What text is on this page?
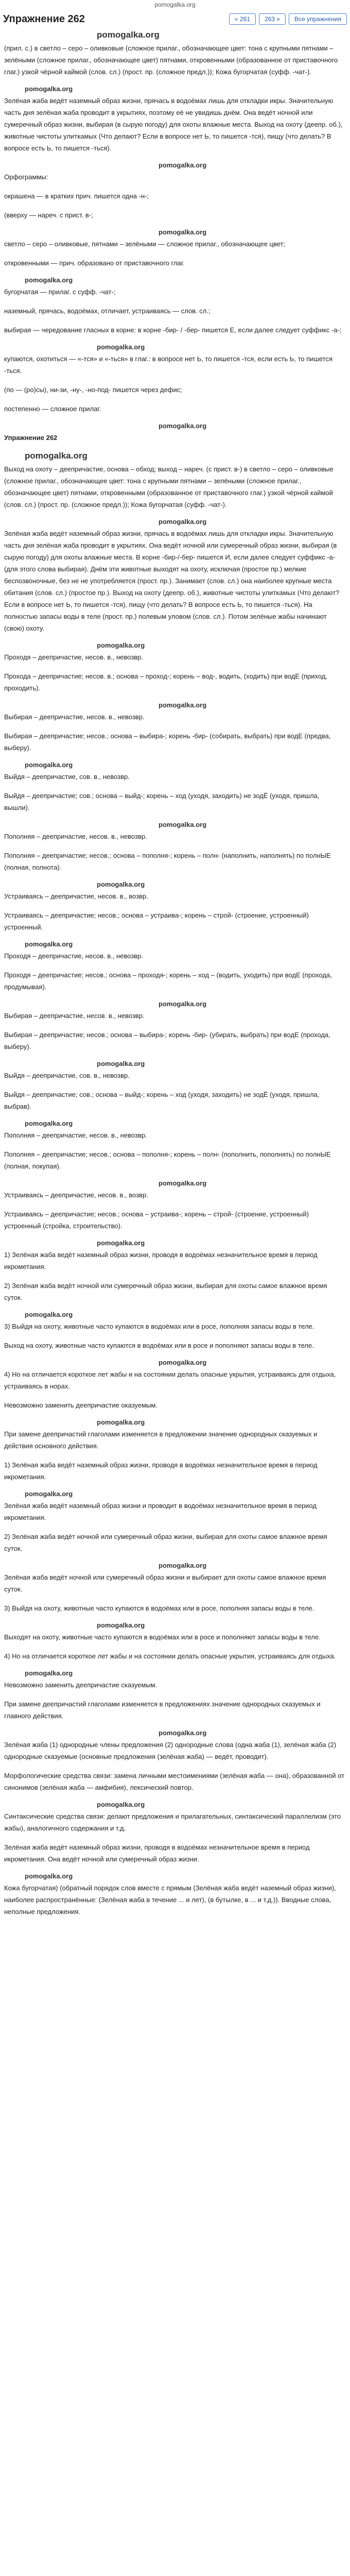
pomogalka.org
Упражнение 262	« 261	263 »	Все упражнения
pomogalka.org

(прил. с.) в светло – серо – оливковые (сложное прилаг., обозначающее цвет: тона с крупными пятнами – зелёными (сложное прилаг., обозначающее цвет) пятнами, откровенными (образованное от приставочного глаг.) узкой чёрной каймой (слов. сл.) (прост. пр. (сложное предл.)); Кожа бугорчатая (суфф. -чат-).

pomogalka.org

Зелёная жаба ведёт наземный образ жизни, прячась в водоёмах лишь для откладки икры. Значительную часть дня зелёная жаба проводит в укрытиях, поэтому её не увидишь днём. Она ведёт ночной или сумеречный образ жизни, выбирая (в сырую погоду) для охоты влажные места. Выход на охоту (деепр. об.), животные чистоты улиткамых (Что делают? Если в вопросе нет Ь, то пишется -тся), пищу (что делать? В вопросе есть Ь, то пишется -ться).

pomogalka.org

Орфограммы:

окрашена — в кратких прич. пишется одна -н-;

(вверху — нареч. с прист. в-;

pomogalka.org

светло – серо – оливковые, пятнами – зелёными — сложное прилаг., обозначающее цвет;

откровенными — прич. образовано от приставочного глаг.

pomogalka.org

бугорчатая — прилаг. с суфф. -чат-;

наземный, прячась, водоёмах, отличает, устраиваясь — слов. сл.;

выбирая — чередование гласных в корне: в корне -бир- / -бер- пишется Е, если далее следует суффикс -а-;

pomogalka.org

купаются, охотиться — «-тся» и «-ться» в глаг.: в вопросе нет Ь, то пишется -тся, если есть Ь, то пишется -ться.

(по — (ро)сы), ни-зи, -ну-, -но-под- пишется через дефис;

постепенно — сложное прилаг.

pomogalka.org

Упражнение 262

pomogalka.org

Выход на охоту – деепричастие, основа – обход; выход – нареч. (с прист. в-) в светло – серо – оливковые (сложное прилаг., обозначающее цвет: тона с крупными пятнами – зелёными (сложное прилаг., обозначающее цвет) пятнами, откровенными (образованное от приставочного глаг.) узкой чёрной каймой (слов. сл.) (прост. пр. (сложное предл.)); Кожа бугорчатая (суфф. -чат-).

pomogalka.org

Зелёная жаба ведёт наземный образ жизни, прячась в водоёмах лишь для откладки икры. Значительную часть дня зелёная жаба проводит в укрытиях. Она ведёт ночной или сумеречный образ жизни, выбирая (в сырую погоду) для охоты влажные места. В корне -бир-/-бер- пишется И, если далее следует суффикс -а- (для этого слова выбирая). Днём эти животные выходят на охоту, исключая (простое пр.) мелкие беспозвоночные, без не не употребляется (прост. пр.). Занимает (слов. сл.) она наиболее крупные места обитания (слов. сл.) (простое пр.). Выход на охоту (деепр. об.), животные чистоты улиткамых (Что делают? Если в вопросе нет Ь, то пишется -тся), пищу (что делать? В вопросе есть Ь, то пишется -ться). На полностью запасы воды в теле (прост. пр.) полевым уловом (слов. сл.). Потом зелёные жабы начинают (свою) охоту.

pomogalka.org

Проходя – деепричастие, несов. в., невозвр.

Прохода – деепричастие; несов. в.; основа – проход-; корень – вод-, водить, (ходить) при водЕ (приход, проходить).

pomogalka.org

Выбирая – деепричастие, несов. в., невозвр.

Выбирая – деепричастие; несов.; основа – выбира-; корень -бир- (собирать, выбрать) при водЕ (предва, выберу).

pomogalka.org

Выйдя – деепричастие, сов. в., невозвр.

Выйдя – деепричастие; сов.; основа – выйд-; корень – ход (уходя, заходить) не зодЁ (уходя, пришла, вышли).

pomogalka.org

Пополняя – деепричастие, несов. в., невозвр.

Пополняя – деепричастие; несов.; основа – пополня-; корень – полн- (наполнить, наполнять) по полнЫЕ (полная, полнота).

pomogalka.org

Устраиваясь – деепричастие, несов. в., возвр.

Устраиваясь – деепричастие; несов.; основа – устраива-; корень – строй- (строение, устроенный) устроенный.

pomogalka.org

Проходя – деепричастие, несов. в., невозвр.

Проходя – деепричастие; несов.; основа – проходя-; корень – ход – (водить, уходить) при водЕ (прохода, продумывая).

pomogalka.org

Выбирая – деепричастие, несов. в., невозвр.

Выбирая – деепричастие; несов.; основа – выбира-; корень -бир- (убирать, выбрать) при водЕ (прохода, выберу).

pomogalka.org

Выйдя – деепричастие, сов. в., невозвр.

Выйдя – деепричастие; сов.; основа – выйд-; корень – ход (уходя, заходить) не зодЁ (уходя, пришла, выбрав).

pomogalka.org

Пополняя – деепричастие, несов. в., невозвр.

Пополняя – деепричастие; несов.; основа – пополня-; корень – полн- (пополнить, пополнять) по полнЫЕ (полная, покупая).

pomogalka.org

Устраиваясь – деепричастие, несов. в., возвр.

Устраиваясь – деепричастие; несов.; основа – устраива-; корень – строй- (строение, устроенный) устроенный (стройка, строительство).

pomogalka.org

1) Зелёная жаба ведёт наземный образ жизни, проводя в водоёмах незначительное время в период икрометания.

2) Зелёная жаба ведёт ночной или сумеречный образ жизни, выбирая для охоты самое влажное время суток.

pomogalka.org

3) Выйдя на охоту, животные часто купаются в водоёмах или в росе, пополняя запасы воды в теле.

Выход на охоту, животные часто купаются в водоёмах или в росе и пополняют запасы воды в теле.

pomogalka.org

4) Но на отличается короткое лет жабы и на состоянии делать опасные укрытия, устраиваясь для отдыха, устраиваясь в норах.

Невозможно заменить деепричастие оказуемым.

pomogalka.org

При замене деепричастий глаголами изменяется в предложении значение однородных сказуемых и действия основного действия.

1) Зелёная жаба ведёт наземный образ жизни, проводя в водоёмах незначительное время в период икрометания.

pomogalka.org

Зелёная жаба ведёт наземный образ жизни и проводит в водоёмах незначительное время в период икрометания.

2) Зелёная жаба ведёт ночной или сумеречный образ жизни, выбирая для охоты самое влажное время суток.

pomogalka.org

Зелёная жаба ведёт ночной или сумеречный образ жизни и выбирает для охоты самое влажное время суток.

3) Выйдя на охоту, животные часто купаются в водоёмах или в росе, пополняя запасы воды в теле.

pomogalka.org

Выходят на охоту, животные часто купаются в водоёмах или в росе и пополняют запасы воды в теле.

4) Но на отличается короткое лет жабы и на состоянии делать опасные укрытия, устраиваясь для отдыха.

pomogalka.org

Невозможно заменить деепричастие сказуемым.

При замене деепричастий глаголами изменяется в предложениях значение однородных сказуемых и главного действия.

pomogalka.org

Зелёная жаба (1) однородные члены предложения (2) однородные слова (одна жаба (1), зелёная жаба (2) однородные сказуемые (основные предложения (зелёная жаба) — ведёт, проводит).

Морфологические средства связи: замена личными местоимениями (зелёная жаба — она), образованной от синонимов (зелёная жаба — амфибия), лексический повтор.

pomogalka.org

Синтаксические средства связи: делают предложения и прилагательных, синтаксический параллелизм (это жабы), аналогичного содержания и т.д.

Зелёная жаба ведёт наземный образ жизни, проводя в водоёмах незначительное время в период икрометания. Она ведёт ночной или сумеречный образ жизни.

pomogalka.org

Кожа бугорчатая) (обратный порядок слов вместе с прямым (Зелёная жаба ведёт наземный образ жизни), наиболее распространённые: (Зелёная жаба в течение ... и лет), (в бутылке, в ... и т.д.)). Вводные слова, неполные предложения.
